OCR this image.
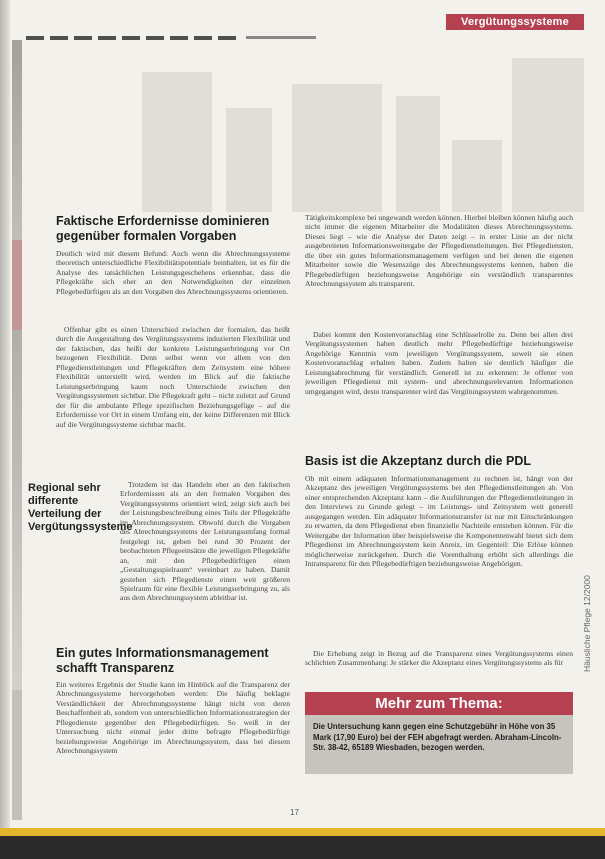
Vergütungssysteme
Faktische Erfordernisse dominieren gegenüber formalen Vorgaben

Deutlich wird mit diesem Befund: Auch wenn die Abrechnungssysteme theoretisch unterschiedliche Flexibilitätspotentiale beinhalten, ist es für die Analyse des tatsächlichen Leistungsgeschehens erkennbar, dass die Pflegekräfte sich eher an den Notwendigkeiten der einzelnen Pflegebedürftigen als an den Vorgaben des Abrechnungssystems orientieren.

Offenbar gibt es einen Unterschied zwischen der formalen, das heißt durch die Ausgestaltung des Vergütungssystems induzierten Flexibilität und der faktischen, das heißt der konkrete Leistungserbringung vor Ort bezogenen Flexibilität. Denn selbst wenn vor allem von den Pflegedienstleitungen und Pflegekräften dem Zeitsystem eine höhere Flexibilität unterstellt wird, werden im Blick auf die faktische Leistungserbringung kaum noch Unterschiede zwischen den Vergütungssystemen sichtbar. Die Pflegekraft geht – nicht zuletzt auf Grund der für die ambulante Pflege spezifischen Beziehungsgefüge – auf die Erfordernisse vor Ort in einem Umfang ein, der keine Differenzen mit Blick auf die Vergütungssysteme sichtbar macht.

Trotzdem ist das Handeln eher an den faktischen Erfordernissen als an den formalen Vorgaben des Vergütungssystems orientiert wird, zeigt sich auch bei der Leistungsbeschreibung eines Teils der Pflegekräfte im Abrechnungssystem. Obwohl durch die Vorgaben des Abrechnungssystems der Leistungsumfang formal festgelegt ist, geben bei rund 30 Prozent der beobachteten Pflegeeinsätze die jeweiligen Pflegekräfte an, mit den Pflegebedürftigen einen „Gestaltungsspielraum“ vereinbart zu haben. Damit gestehen sich Pflegedienste einen weit größeren Spielraum für eine flexible Leistungserbringung zu, als aus dem Abrechnungssystem ableitbar ist.

Regional sehr differente Verteilung der Vergütungssysteme
Ein gutes Informationsmanagement schafft Transparenz

Ein weiteres Ergebnis der Studie kann im Hinblick auf die Transparenz der Abrechnungssysteme hervorgehoben werden: Die häufig beklagte Verständlichkeit der Abrechnungssysteme hängt nicht von deren Beschaffenheit ab, sondern von unterschiedlichen Informationsstrategien der Pflegedienste gegenüber den Pflegebedürftigen. So weiß in der Untersuchung nicht einmal jeder dritte befragte Pflegebedürftige beziehungsweise Angehörige im Abrechnungssystem, dass bei diesem Abrechnungssystem

Tätigkeitskomplexe bei ungewandt werden können. Hierbei bleiben können häufig auch nicht immer die eigenen Mitarbeiter die Modalitäten dieses Abrechnungssystems. Dieses liegt – wie die Analyse der Daten zeigt – in erster Linie an der nicht ausgebreiteten Informationsweitergabe der Pflegedienstleitungen. Bei Pflegediensten, die über ein gutes Informationsmanagement verfügen und bei denen die eigenen Mitarbeiter sowie die Wesenszüge des Abrechnungssystems kennen, haben die Pflegebedürftigen beziehungsweise Angehörige ein verständlich transparentes Abrechnungssystem als transparent.

Dabei kommt den Kostenvoranschlag eine Schlüsselrolle zu. Denn bei allen drei Vergütungssystemen haben deutlich mehr Pflegebedürftige beziehungsweise Angehörige Kenntnis vom jeweiligen Vergütungssystem, soweit sie einen Kostenvoranschlag erhalten haben. Zudem halten sie deutlich häufiger die Leistungsabrechnung für verständlich. Generell ist zu erkennen: Je offener von jeweiligen Pflegedienst mit system- und abrechnungsrelevanten Informationen umgegangen wird, desto transparenter wird das Vergütungssystem wahrgenommen.

Basis ist die Akzeptanz durch die PDL

Ob mit einem adäquaten Informationsmanagement zu rechnen ist, hängt von der Akzeptanz des jeweiligen Vergütungssystems bei den Pflegedienstleitungen ab. Von einer entsprechenden Akzeptanz kann – die Ausführungen der Pflegedienstleitungen in den Interviews zu Grunde gelegt – im Leistungs- und Zeitsystem weit generell ausgegangen werden. Ein adäquater Informationstransfer ist nur mit Einschränkungen zu erwarten, da dem Pflegedienst eben finanzielle Nachteile entstehen können. Für die Weitergabe der Information über beispielsweise die Komponentenwahl bietet sich dem Pflegedienst im Abrechnungssystem kein Anreiz, im Gegenteil: Die Erlöse können möglicherweise zurückgehen. Durch die Vorenthaltung erhöht sich allerdings die Intransparenz für den Pflegebedürftigen beziehungsweise Angehörigen.

Die Erhebung zeigt in Bezug auf die Transparenz eines Vergütungssystems einen schlichten Zusammenhang: Je stärker die Akzeptanz eines Vergütungssystems als für

Mehr zum Thema:

Die Untersuchung kann gegen eine Schutzgebühr in Höhe von 35 Mark (17,90 Euro) bei der FEH abgefragt werden. Abraham-Lincoln-Str. 38-42, 65189 Wiesbaden, bezogen werden.

Häusliche Pflege 12/2000
17
